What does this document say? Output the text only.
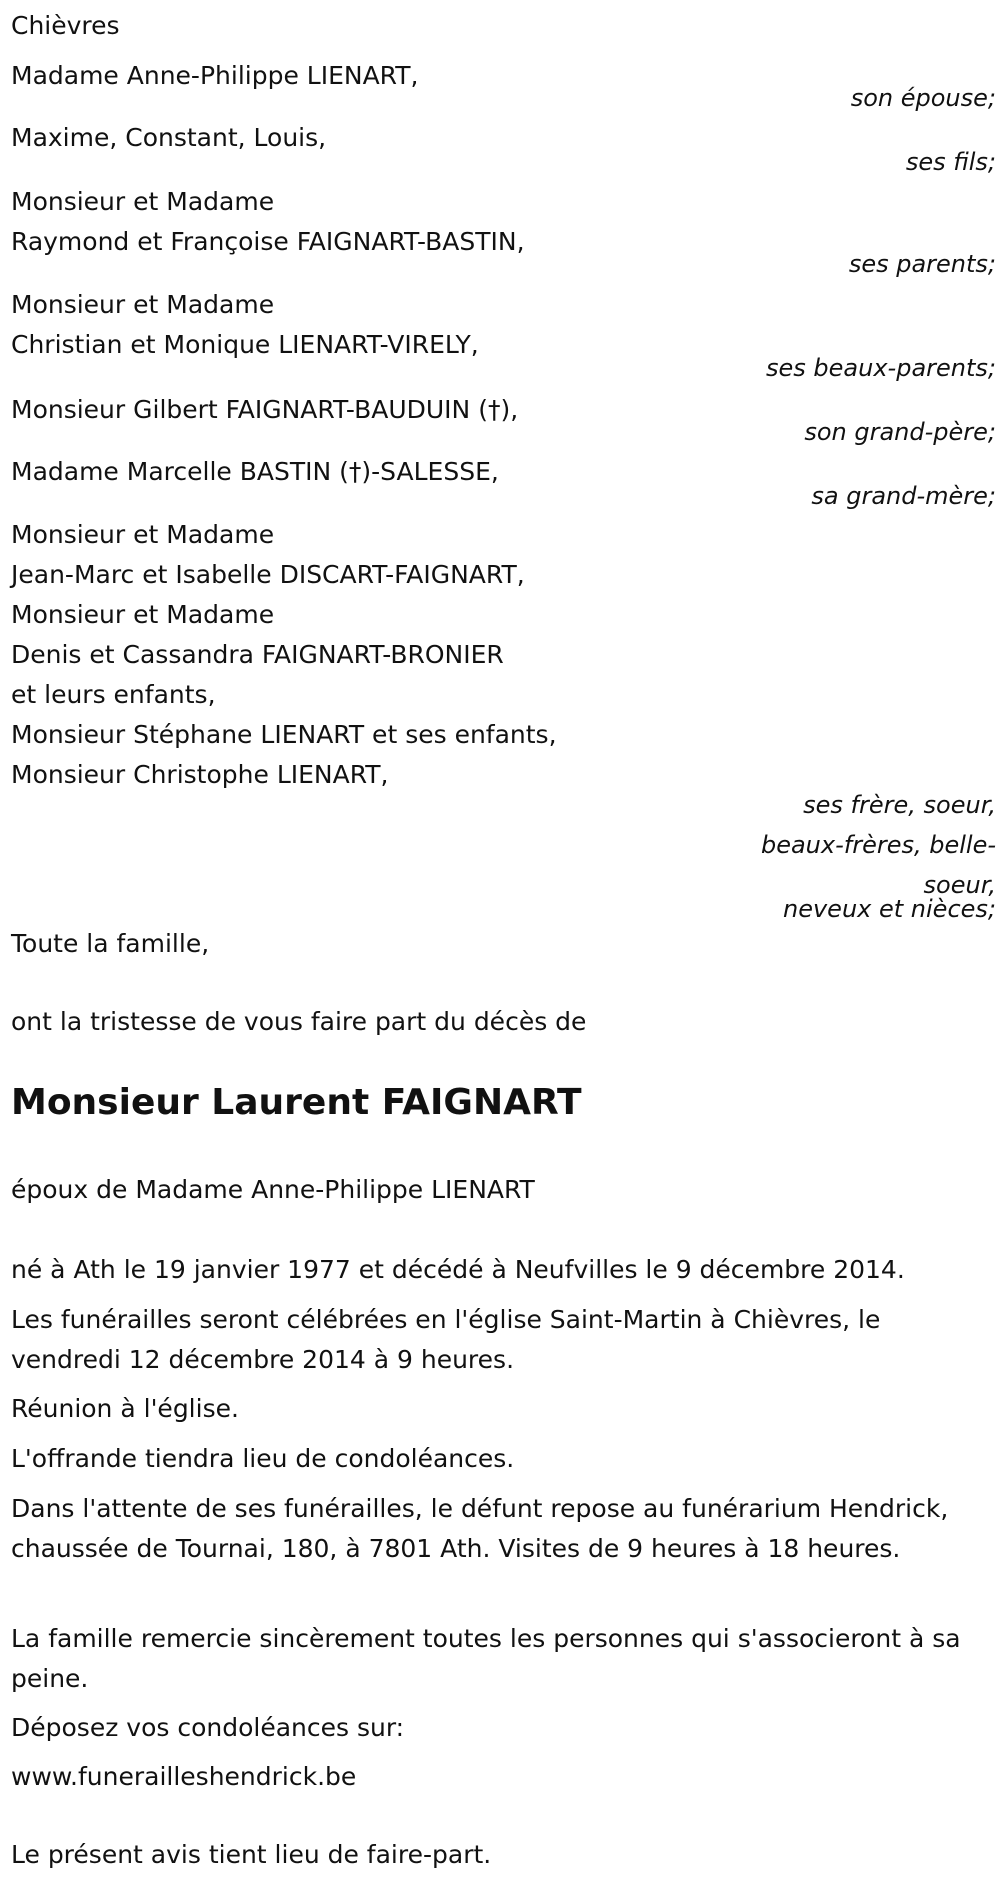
Chièvres
Madame Anne-Philippe LIENART,
son épouse;
Maxime, Constant, Louis,
ses fils;
Monsieur et Madame
Raymond et Françoise FAIGNART-BASTIN,
ses parents;
Monsieur et Madame
Christian et Monique LIENART-VIRELY,
ses beaux-parents;
Monsieur Gilbert FAIGNART-BAUDUIN (†),
son grand-père;
Madame Marcelle BASTIN (†)-SALESSE,
sa grand-mère;
Monsieur et Madame
Jean-Marc et Isabelle DISCART-FAIGNART,
Monsieur et Madame
Denis et Cassandra FAIGNART-BRONIER
et leurs enfants,
Monsieur Stéphane LIENART et ses enfants,
Monsieur Christophe LIENART,
ses frère, soeur,
beaux-frères, belle-
soeur,
neveux et nièces;
Toute la famille,
ont la tristesse de vous faire part du décès de
Monsieur Laurent FAIGNART
époux de Madame Anne-Philippe LIENART
né à Ath le 19 janvier 1977 et décédé à Neufvilles le 9 décembre 2014.
Les funérailles seront célébrées en l'église Saint-Martin à Chièvres, le vendredi 12 décembre 2014 à 9 heures.
Réunion à l'église.
L'offrande tiendra lieu de condoléances.
Dans l'attente de ses funérailles, le défunt repose au funérarium Hendrick, chaussée de Tournai, 180, à 7801 Ath. Visites de 9 heures à 18 heures.
La famille remercie sincèrement toutes les personnes qui s'associeront à sa peine.
Déposez vos condoléances sur:
www.funerailleshendrick.be
Le présent avis tient lieu de faire-part.
